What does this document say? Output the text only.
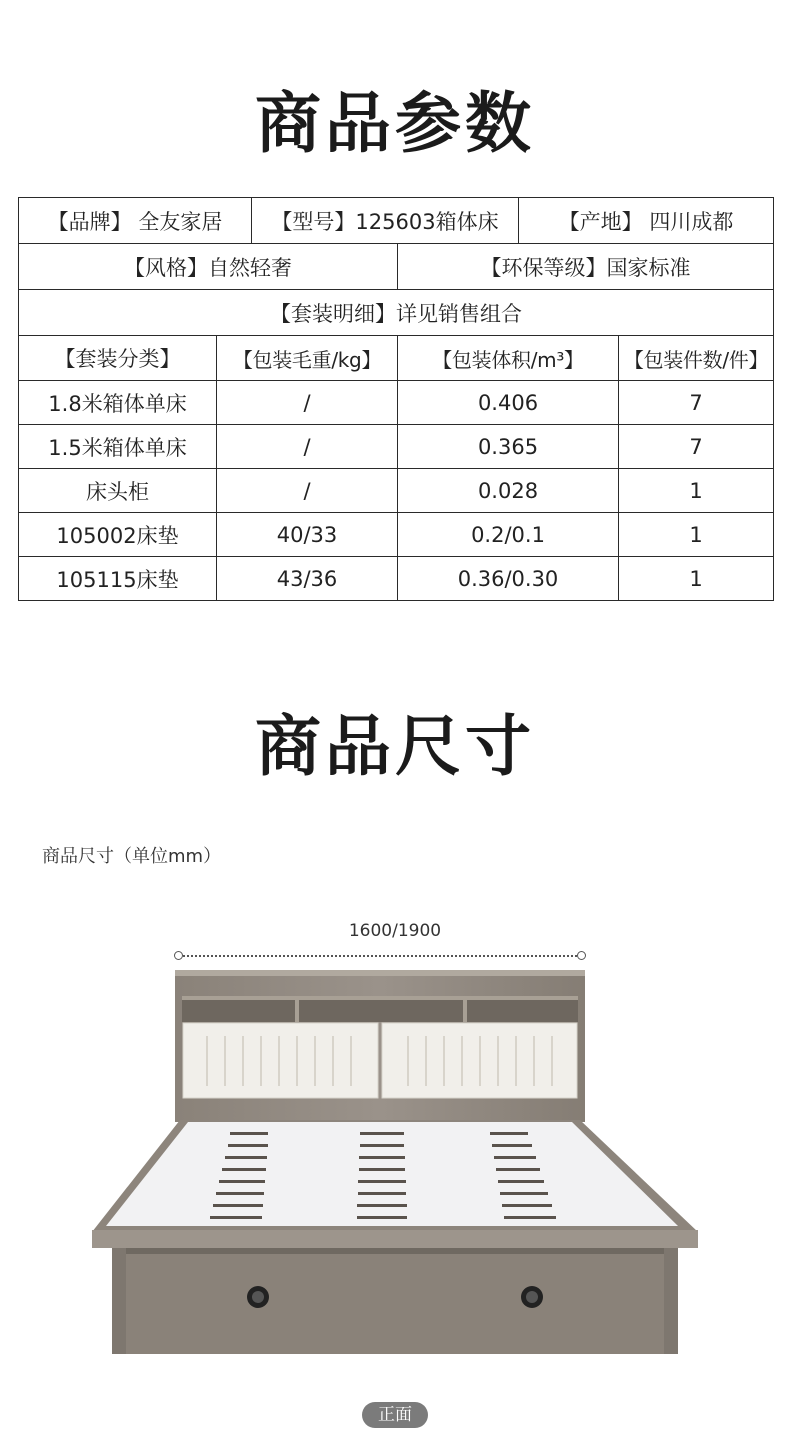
商品参数
【品牌】 全友家居		【型号】125603箱体床		【产地】 四川成都	
【风格】自然轻奢			【环保等级】国家标准		
【套装明细】详见销售组合					
【套装分类】	【包装毛重/kg】		【包装体积/m³】		【包装件数/件】
1.8米箱体单床	/		0.406		7
1.5米箱体单床	/		0.365		7
床头柜	/		0.028		1
105002床垫	40/33		0.2/0.1		1
105115床垫	43/36		0.36/0.30		1
商品尺寸
商品尺寸（单位mm）
1600/1900
正面
